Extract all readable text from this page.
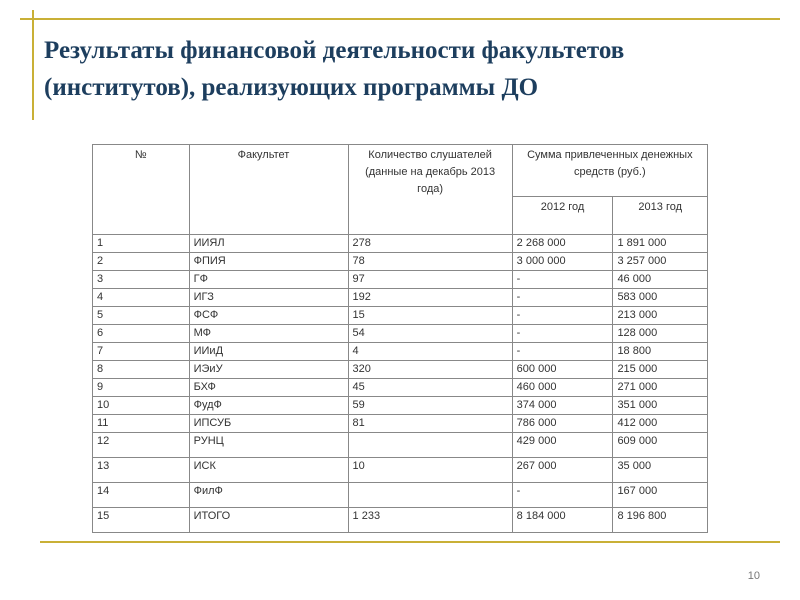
Результаты финансовой деятельности факультетов (институтов), реализующих программы ДО
№	Факультет	Количество слушателей (данные на декабрь 2013 года)	Сумма привлеченных денежных средств (руб.)	
			2012 год	2013 год
1	ИИЯЛ	278	2 268 000	1 891 000
2	ФПИЯ	78	3 000 000	3 257 000
3	ГФ	97	-	46 000
4	ИГЗ	192	-	583 000
5	ФСФ	15	-	213 000
6	МФ	54	-	128 000
7	ИИиД	4	-	18 800
8	ИЭиУ	320	600 000	215 000
9	БХФ	45	460 000	271 000
10	ФудФ	59	374 000	351 000
11	ИПСУБ	81	786 000	412 000
12	РУНЦ		429 000	609 000
13	ИСК	10	267 000	35 000
14	ФилФ		-	167 000
15	ИТОГО	1 233	8 184 000	8 196 800
10
